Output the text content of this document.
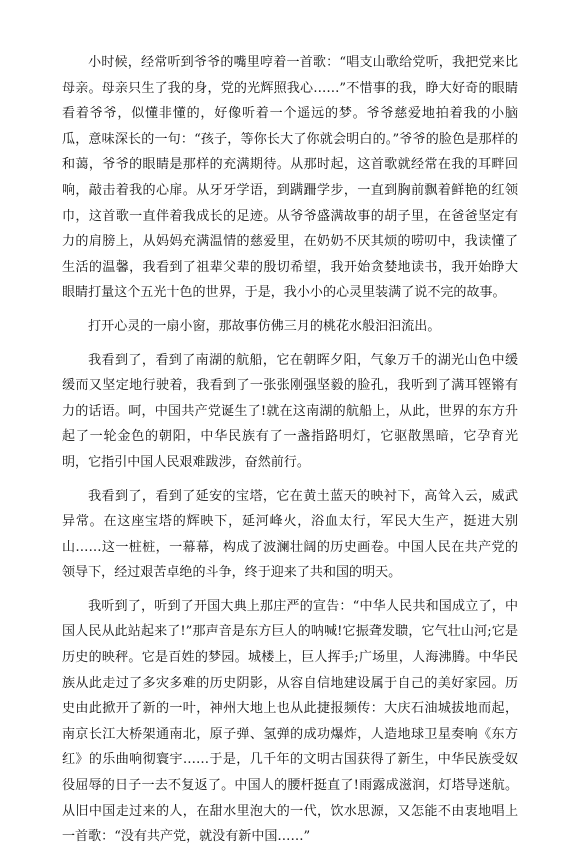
小时候，经常听到爷爷的嘴里哼着一首歌：“唱支山歌给党听，我把党来比母亲。母亲只生了我的身，党的光辉照我心……”不惜事的我，睁大好奇的眼睛看着爷爷，似懂非懂的，好像听着一个遥远的梦。爷爷慈爱地拍着我的小脑瓜，意味深长的一句：“孩子，等你长大了你就会明白的。”爷爷的脸色是那样的和蔼，爷爷的眼睛是那样的充满期待。从那时起，这首歌就经常在我的耳畔回响，敲击着我的心扉。从牙牙学语，到蹒跚学步，一直到胸前飘着鲜艳的红领巾，这首歌一直伴着我成长的足迹。从爷爷盛满故事的胡子里，在爸爸坚定有力的肩膀上，从妈妈充满温情的慈爱里，在奶奶不厌其烦的唠叨中，我读懂了生活的温馨，我看到了祖辈父辈的殷切希望，我开始贪婪地读书，我开始睁大眼睛打量这个五光十色的世界，于是，我小小的心灵里装满了说不完的故事。

打开心灵的一扇小窗，那故事仿佛三月的桃花水般汩汩流出。

我看到了，看到了南湖的航船，它在朝晖夕阳，气象万千的湖光山色中缓缓而又坚定地行驶着，我看到了一张张刚强坚毅的脸孔，我听到了满耳铿锵有力的话语。呵，中国共产党诞生了!就在这南湖的航船上，从此，世界的东方升起了一轮金色的朝阳，中华民族有了一盏指路明灯，它驱散黑暗，它孕育光明，它指引中国人民艰难跋涉，奋然前行。

我看到了，看到了延安的宝塔，它在黄土蓝天的映衬下，高耸入云，威武异常。在这座宝塔的辉映下，延河峰火，浴血太行，军民大生产，挺进大别山……这一桩桩，一幕幕，构成了波澜壮阔的历史画卷。中国人民在共产党的领导下，经过艰苦卓绝的斗争，终于迎来了共和国的明天。

我听到了，听到了开国大典上那庄严的宣告：“中华人民共和国成立了，中国人民从此站起来了!”那声音是东方巨人的呐喊!它振聋发聩，它气壮山河;它是历史的映秤。它是百姓的梦园。城楼上，巨人挥手;广场里，人海沸腾。中华民族从此走过了多灾多难的历史阴影，从容自信地建设属于自己的美好家园。历史由此掀开了新的一叶，神州大地上也从此捷报频传：大庆石油城拔地而起，南京长江大桥架通南北，原子弹、氢弹的成功爆炸，人造地球卫星奏响《东方红》的乐曲响彻寰宇……于是，几千年的文明古国获得了新生，中华民族受奴役屈辱的日子一去不复返了。中国人的腰杆挺直了!雨露成滋润，灯塔导迷航。从旧中国走过来的人，在甜水里泡大的一代，饮水思源，又怎能不由衷地唱上一首歌：“没有共产党，就没有新中国……”
